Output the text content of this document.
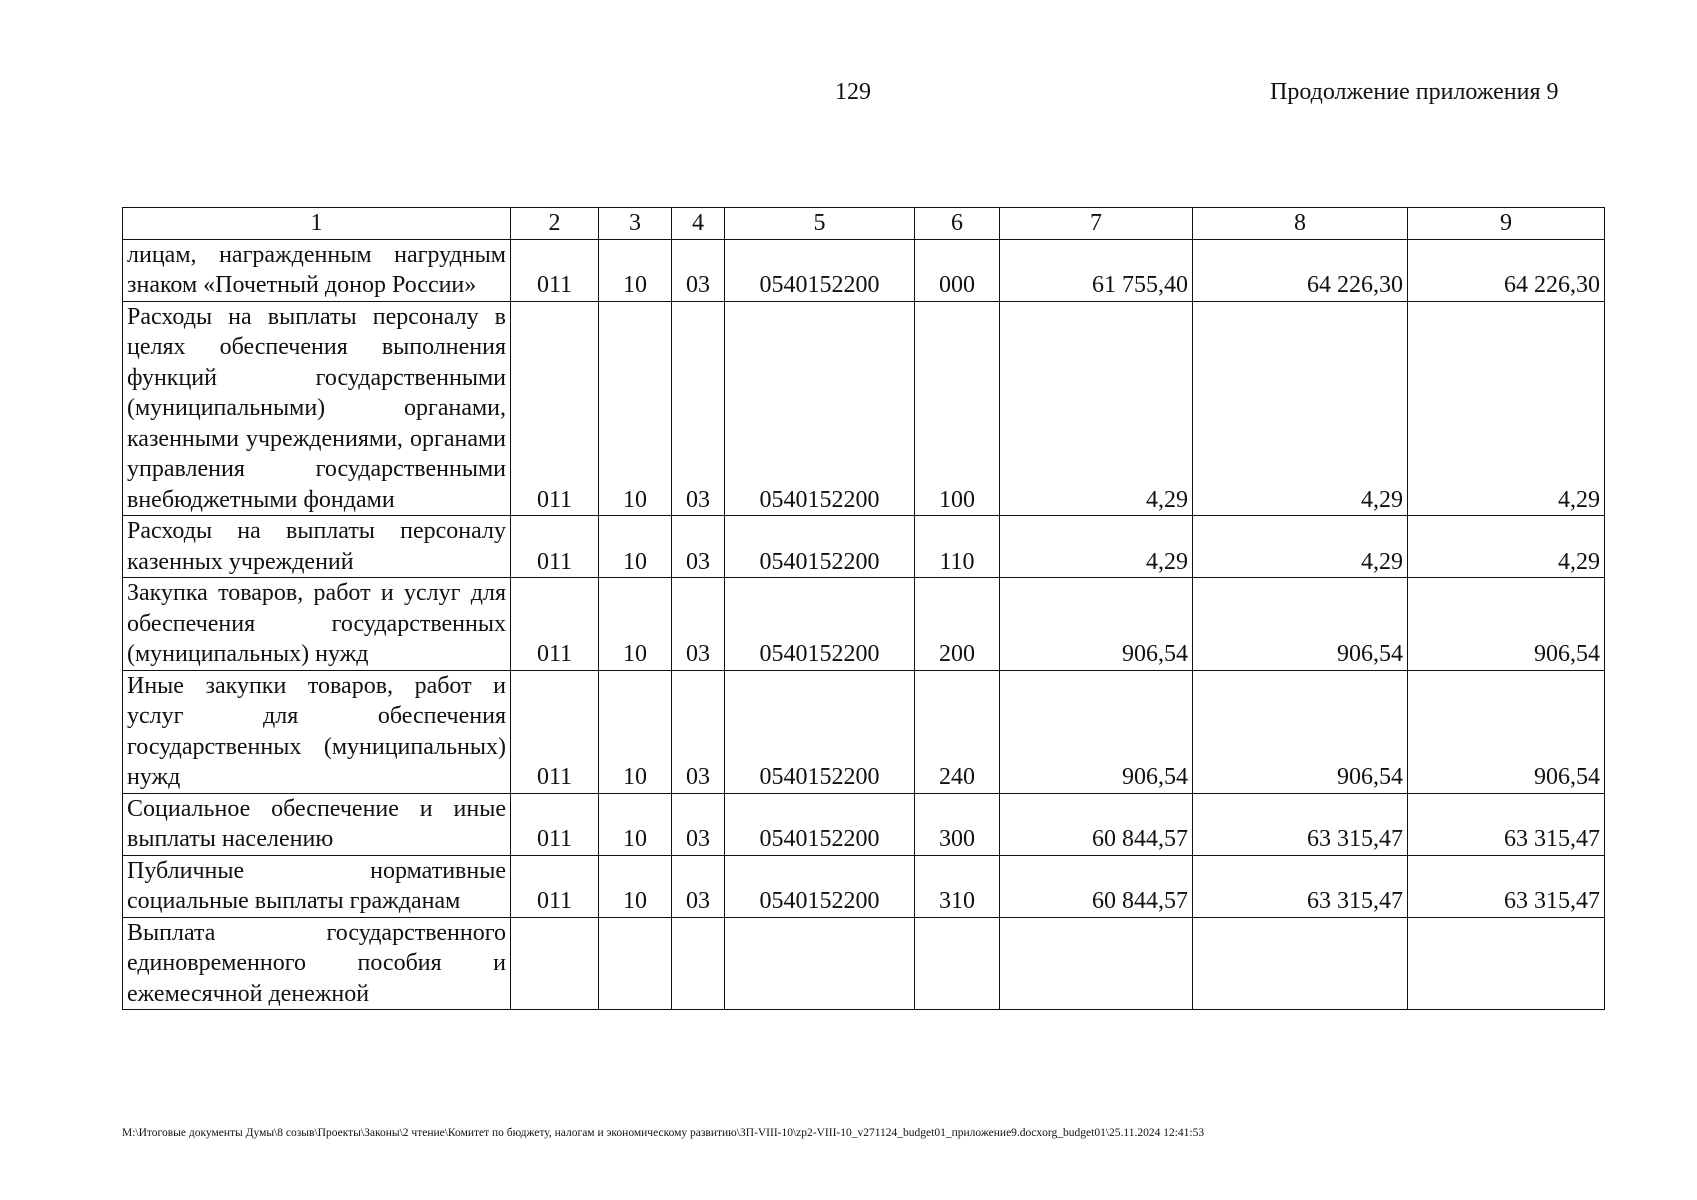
129	Продолжение приложения 9
1	2	3	4	5	6	7	8	9
лицам, награжденным нагрудным знаком «Почетный донор России»	011	10	03	0540152200	000	61 755,40	64 226,30	64 226,30
Расходы на выплаты персоналу в целях обеспечения выполнения функций государственными (муниципальными) органами, казенными учреждениями, органами управления государственными внебюджетными фондами	011	10	03	0540152200	100	4,29	4,29	4,29
Расходы на выплаты персоналу казенных учреждений	011	10	03	0540152200	110	4,29	4,29	4,29
Закупка товаров, работ и услуг для обеспечения государственных (муниципальных) нужд	011	10	03	0540152200	200	906,54	906,54	906,54
Иные закупки товаров, работ и услуг для обеспечения государственных (муниципальных) нужд	011	10	03	0540152200	240	906,54	906,54	906,54
Социальное обеспечение и иные выплаты населению	011	10	03	0540152200	300	60 844,57	63 315,47	63 315,47
Публичные нормативные социальные выплаты гражданам	011	10	03	0540152200	310	60 844,57	63 315,47	63 315,47
Выплата государственного единовременного пособия и ежемесячной денежной								
M:\Итоговые документы Думы\8 созыв\Проекты\Законы\2 чтение\Комитет по бюджету, налогам и экономическому развитию\ЗП-VIII-10\zp2-VIII-10_v271124_budget01_приложение9.docxorg_budget01\25.11.2024 12:41:53
